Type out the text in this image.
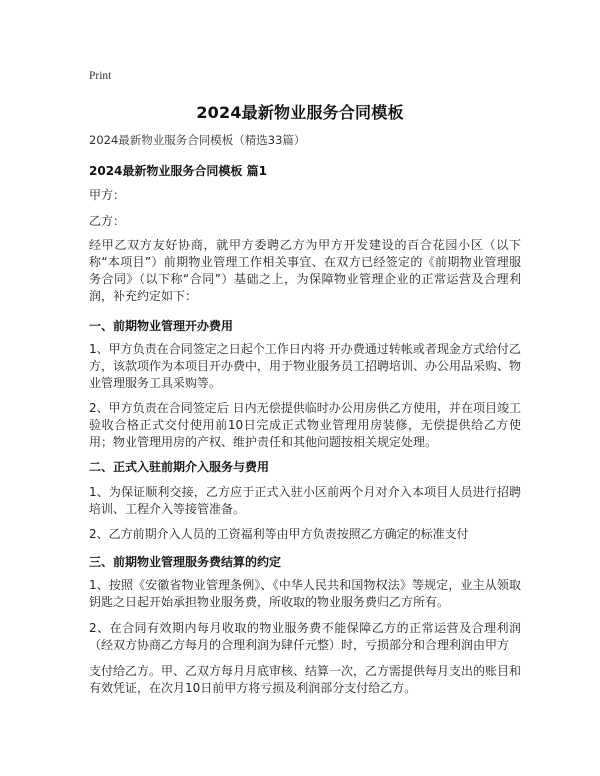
Print
2024最新物业服务合同模板
2024最新物业服务合同模板（精选33篇）
2024最新物业服务合同模板 篇1
甲方：
乙方：
经甲乙双方友好协商，就甲方委聘乙方为甲方开发建设的百合花园小区（以下称“本项目”）前期物业管理工作相关事宜、在双方已经签定的《前期物业管理服务合同》（以下称“合同”）基础之上，为保障物业管理企业的正常运营及合理利润，补充约定如下：
一、前期物业管理开办费用
1、甲方负责在合同签定之日起个工作日内将 开办费通过转帐或者现金方式给付乙方，该款项作为本项目开办费中，用于物业服务员工招聘培训、办公用品采购、物业管理服务工具采购等。
2、甲方负责在合同签定后 日内无偿提供临时办公用房供乙方使用，并在项目竣工验收合格正式交付使用前10日完成正式物业管理用房装修，无偿提供给乙方使用；物业管理用房的产权、维护责任和其他问题按相关规定处理。
二、正式入驻前期介入服务与费用
1、为保证顺利交接，乙方应于正式入驻小区前两个月对介入本项目人员进行招聘培训、工程介入等接管准备。
2、乙方前期介入人员的工资福利等由甲方负责按照乙方确定的标准支付
三、前期物业管理服务费结算的约定
1、按照《安徽省物业管理条例》、《中华人民共和国物权法》等规定，业主从领取钥匙之日起开始承担物业服务费，所收取的物业服务费归乙方所有。
2、在合同有效期内每月收取的物业服务费不能保障乙方的正常运营及合理利润（经双方协商乙方每月的合理利润为肆仟元整）时，亏损部分和合理利润由甲方
支付给乙方。甲、乙双方每月月底审核、结算一次，乙方需提供每月支出的账目和有效凭证，在次月10日前甲方将亏损及利润部分支付给乙方。
